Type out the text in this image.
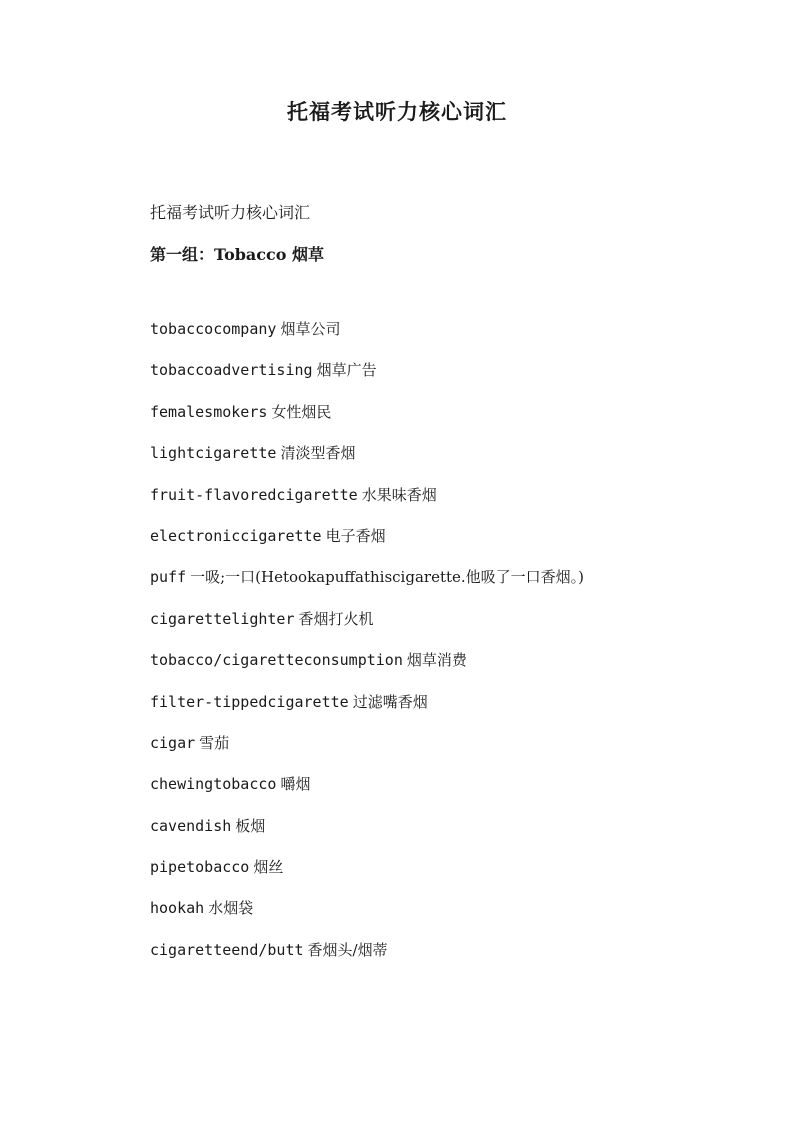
托福考试听力核心词汇

托福考试听力核心词汇

第一组：Tobacco 烟草

tobaccocompany 烟草公司
tobaccoadvertising 烟草广告
femalesmokers 女性烟民
lightcigarette 清淡型香烟
fruit-flavoredcigarette 水果味香烟
electroniccigarette 电子香烟
puff 一吸;一口(Hetookapuffathiscigarette.他吸了一口香烟。)
cigarettelighter 香烟打火机
tobacco/cigaretteconsumption 烟草消费
filter-tippedcigarette 过滤嘴香烟
cigar 雪茄
chewingtobacco 嚼烟
cavendish 板烟
pipetobacco 烟丝
hookah 水烟袋
cigaretteend/butt 香烟头/烟蒂
